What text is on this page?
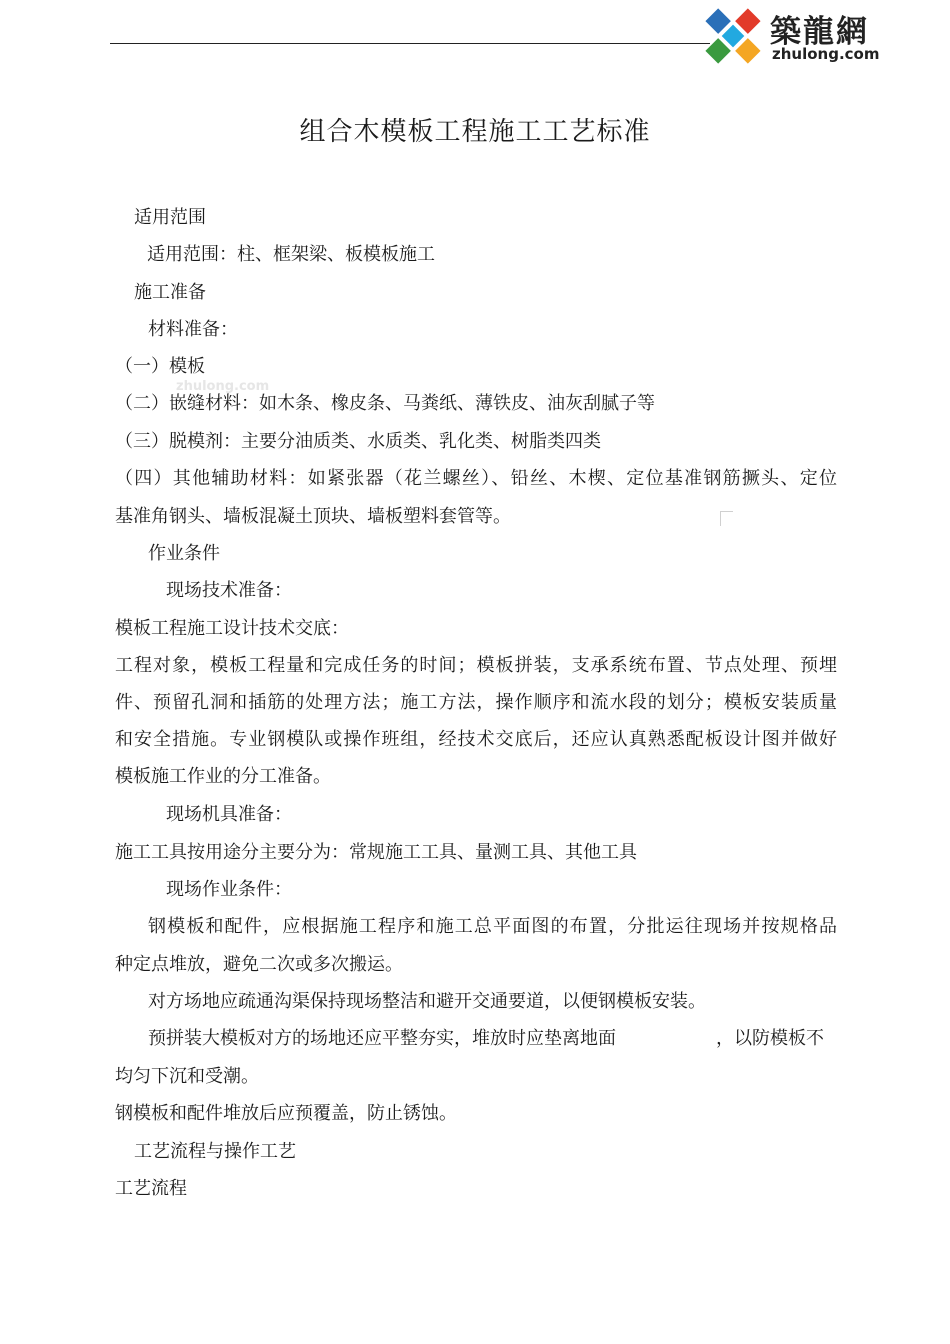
築龍網
zhulong.com
组合木模板工程施工工艺标准
zhulong.com
适用范围
适用范围：柱、框架梁、板模板施工
施工准备
材料准备：
（一）模板
（二）嵌缝材料：如木条、橡皮条、马粪纸、薄铁皮、油灰刮腻子等
（三）脱模剂：主要分油质类、水质类、乳化类、树脂类四类
（四）其他辅助材料：如紧张器（花兰螺丝）、铅丝、木楔、定位基准钢筋撅头、定位
基准角钢头、墙板混凝土顶块、墙板塑料套管等。
作业条件
现场技术准备：
模板工程施工设计技术交底：
工程对象，模板工程量和完成任务的时间；模板拼装，支承系统布置、节点处理、预埋
件、预留孔洞和插筋的处理方法；施工方法，操作顺序和流水段的划分；模板安装质量
和安全措施。专业钢模队或操作班组，经技术交底后，还应认真熟悉配板设计图并做好
模板施工作业的分工准备。
现场机具准备：
施工工具按用途分主要分为：常规施工工具、量测工具、其他工具
现场作业条件：
钢模板和配件，应根据施工程序和施工总平面图的布置，分批运往现场并按规格品
种定点堆放，避免二次或多次搬运。
对方场地应疏通沟渠保持现场整洁和避开交通要道，以便钢模板安装。
预拼装大模板对方的场地还应平整夯实，堆放时应垫离地面	，以防模板不
均匀下沉和受潮。
钢模板和配件堆放后应预覆盖，防止锈蚀。
工艺流程与操作工艺
工艺流程
